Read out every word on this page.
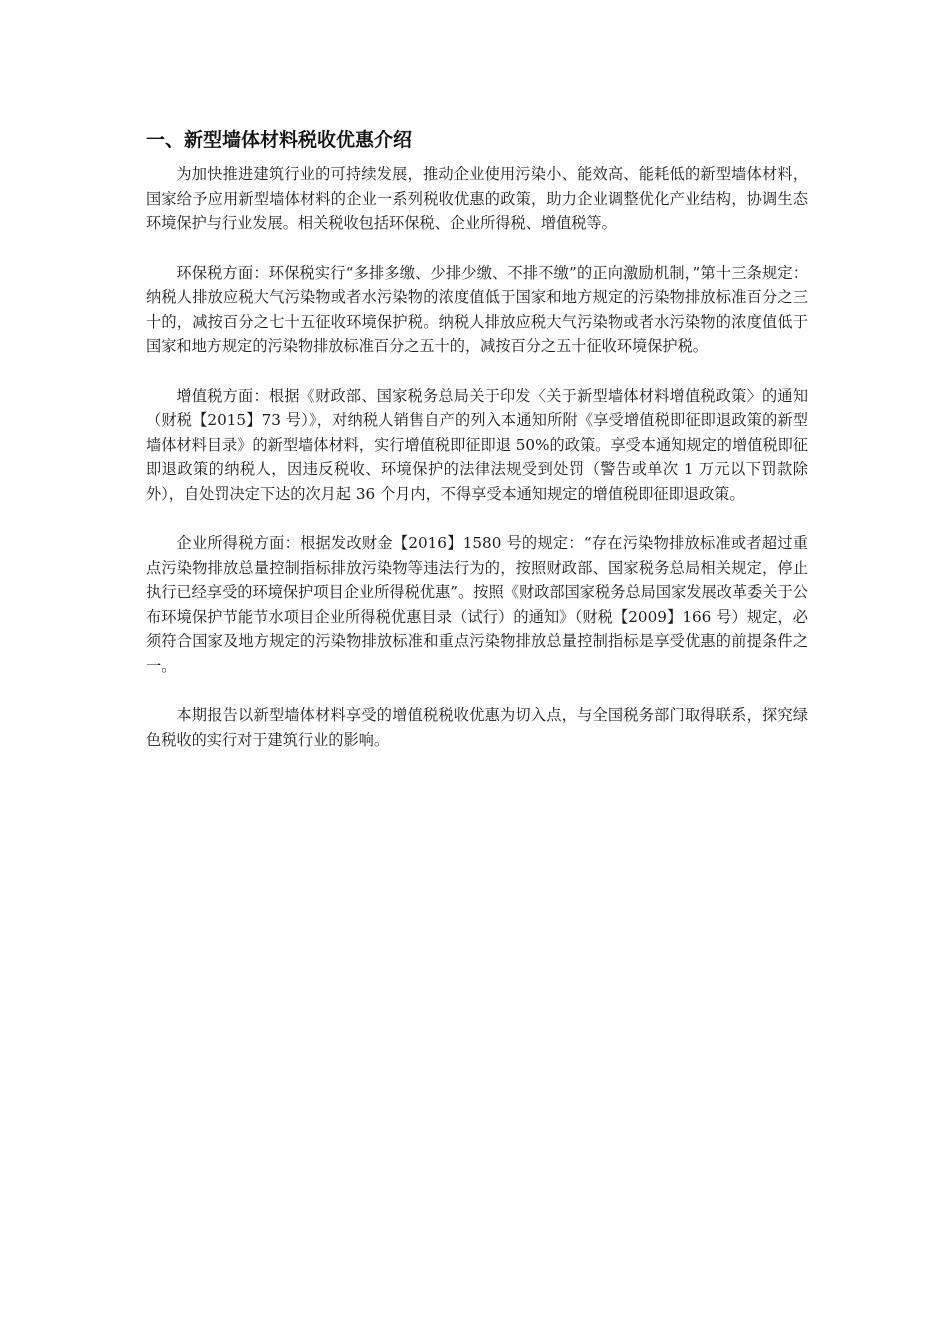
一、新型墙体材料税收优惠介绍

为加快推进建筑行业的可持续发展，推动企业使用污染小、能效高、能耗低的新型墙体材料，国家给予应用新型墙体材料的企业一系列税收优惠的政策，助力企业调整优化产业结构，协调生态环境保护与行业发展。相关税收包括环保税、企业所得税、增值税等。

环保税方面：环保税实行“多排多缴、少排少缴、不排不缴”的正向激励机制，”第十三条规定：纳税人排放应税大气污染物或者水污染物的浓度值低于国家和地方规定的污染物排放标准百分之三十的，减按百分之七十五征收环境保护税。纳税人排放应税大气污染物或者水污染物的浓度值低于国家和地方规定的污染物排放标准百分之五十的，减按百分之五十征收环境保护税。

增值税方面：根据《财政部、国家税务总局关于印发〈关于新型墙体材料增值税政策〉的通知（财税【2015】73 号）》，对纳税人销售自产的列入本通知所附《享受增值税即征即退政策的新型墙体材料目录》的新型墙体材料，实行增值税即征即退 50%的政策。享受本通知规定的增值税即征即退政策的纳税人，因违反税收、环境保护的法律法规受到处罚（警告或单次 1 万元以下罚款除外），自处罚决定下达的次月起 36 个月内，不得享受本通知规定的增值税即征即退政策。

企业所得税方面：根据发改财金【2016】1580 号的规定：“存在污染物排放标准或者超过重点污染物排放总量控制指标排放污染物等违法行为的，按照财政部、国家税务总局相关规定，停止执行已经享受的环境保护项目企业所得税优惠”。按照《财政部国家税务总局国家发展改革委关于公布环境保护节能节水项目企业所得税优惠目录（试行）的通知》（财税【2009】166 号）规定，必须符合国家及地方规定的污染物排放标准和重点污染物排放总量控制指标是享受优惠的前提条件之一。

本期报告以新型墙体材料享受的增值税税收优惠为切入点，与全国税务部门取得联系，探究绿色税收的实行对于建筑行业的影响。
